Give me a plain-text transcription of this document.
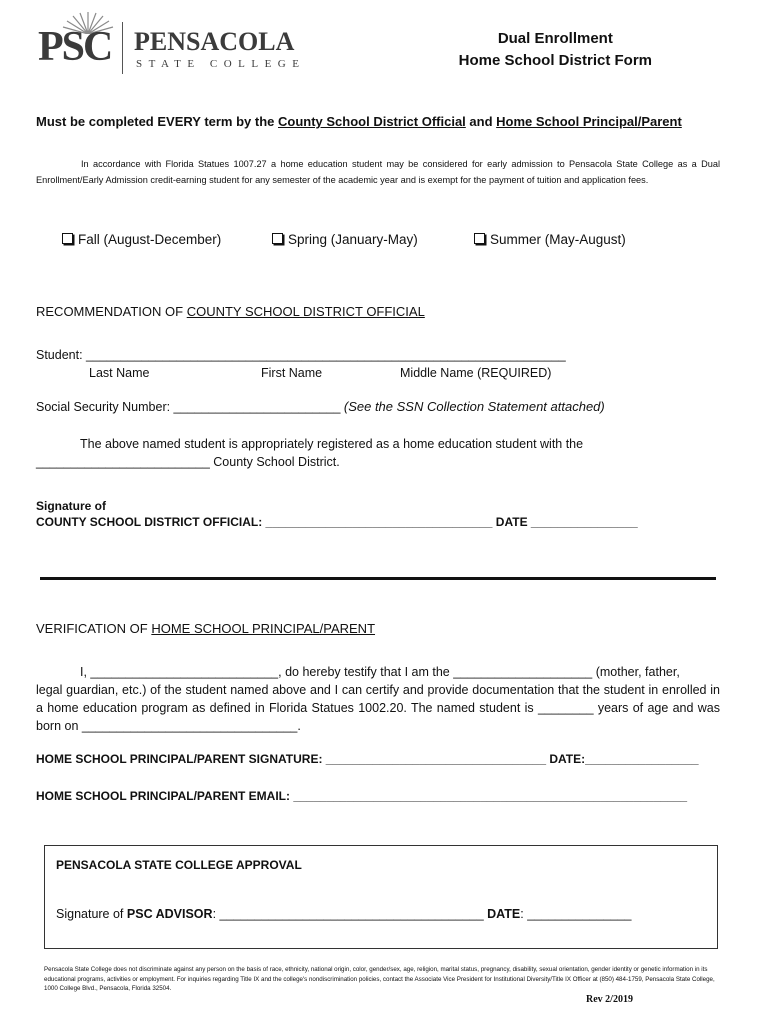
PSC PENSACOLA
STATE COLLEGE
Dual Enrollment
Home School District Form
Must be completed EVERY term by the County School District Official and Home School Principal/Parent
In accordance with Florida Statues 1007.27 a home education student may be considered for early admission to Pensacola State College as a Dual Enrollment/Early Admission credit-earning student for any semester of the academic year and is exempt for the payment of tuition and application fees.
Fall (August-December)	Spring (January-May)	Summer (May-August)
RECOMMENDATION OF COUNTY SCHOOL DISTRICT OFFICIAL
Student: _____________________________________________________________________
Last Name	First Name	Middle Name (REQUIRED)
Social Security Number: ________________________ (See the SSN Collection Statement attached)
The above named student is appropriately registered as a home education student with the
_________________________ County School District.
Signature of
COUNTY SCHOOL DISTRICT OFFICIAL: __________________________________ DATE ________________
VERIFICATION OF HOME SCHOOL PRINCIPAL/PARENT
I, ___________________________, do hereby testify that I am the ____________________ (mother, father,
legal guardian, etc.) of the student named above and I can certify and provide documentation that the student in enrolled in a home education program as defined in Florida Statues 1002.20. The named student is ________ years of age and was born on _______________________________.
HOME SCHOOL PRINCIPAL/PARENT SIGNATURE: _________________________________ DATE:_________________
HOME SCHOOL PRINCIPAL/PARENT EMAIL: ___________________________________________________________
PENSACOLA STATE COLLEGE APPROVAL
Signature of PSC ADVISOR: ______________________________________ DATE: _______________
Pensacola State College does not discriminate against any person on the basis of race, ethnicity, national origin, color, gender/sex, age, religion, marital status, pregnancy, disability, sexual orientation, gender identity or genetic information in its educational programs, activities or employment. For inquiries regarding Title IX and the college's nondiscrimination policies, contact the Associate Vice President for Institutional Diversity/Title IX Officer at (850) 484-1759, Pensacola State College, 1000 College Blvd., Pensacola, Florida 32504.
Rev 2/2019
